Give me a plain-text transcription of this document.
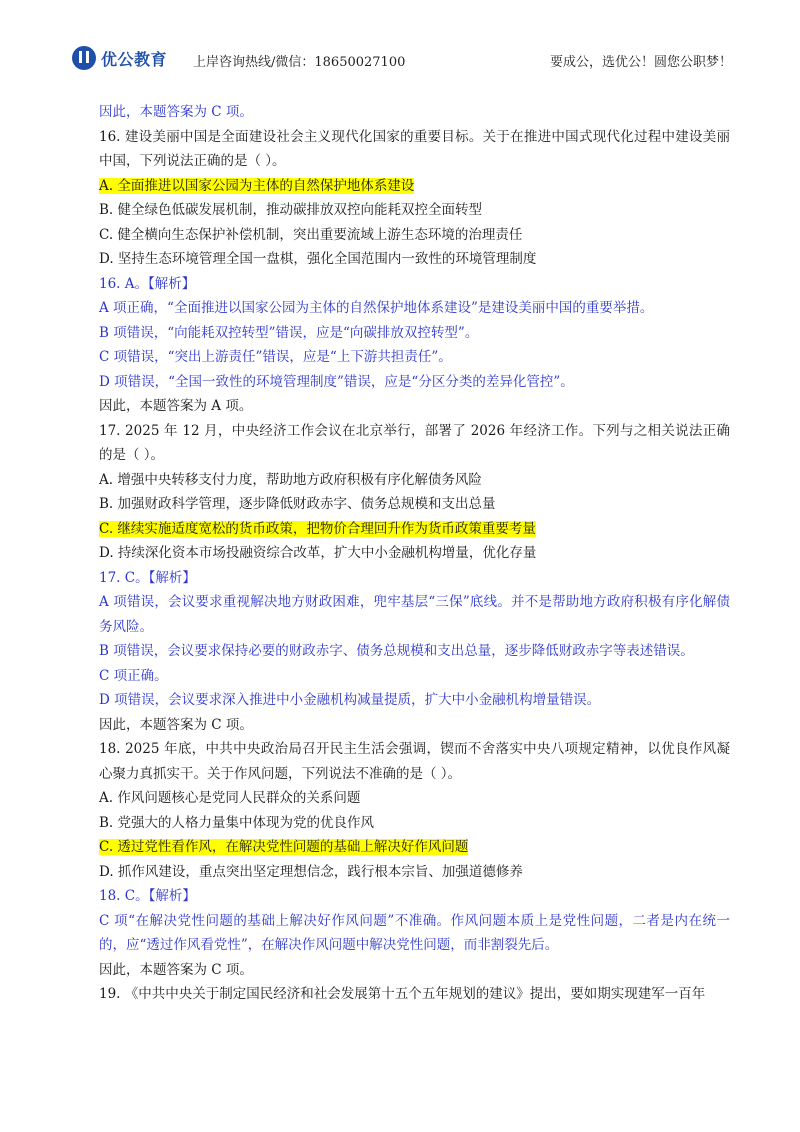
优公教育 上岸咨询热线/微信：18650027100	要成公，选优公！圆您公职梦！
因此，本题答案为 C 项。
16. 建设美丽中国是全面建设社会主义现代化国家的重要目标。关于在推进中国式现代化过程中建设美丽中国，下列说法正确的是（ ）。
A. 全面推进以国家公园为主体的自然保护地体系建设
B. 健全绿色低碳发展机制，推动碳排放双控向能耗双控全面转型
C. 健全横向生态保护补偿机制，突出重要流域上游生态环境的治理责任
D. 坚持生态环境管理全国一盘棋，强化全国范围内一致性的环境管理制度
16. A。【解析】
A 项正确，“全面推进以国家公园为主体的自然保护地体系建设”是建设美丽中国的重要举措。
B 项错误，“向能耗双控转型”错误，应是“向碳排放双控转型”。
C 项错误，“突出上游责任”错误，应是“上下游共担责任”。
D 项错误，“全国一致性的环境管理制度”错误，应是“分区分类的差异化管控”。
因此，本题答案为 A 项。
17. 2025 年 12 月，中央经济工作会议在北京举行，部署了 2026 年经济工作。下列与之相关说法正确的是（ ）。
A. 增强中央转移支付力度，帮助地方政府积极有序化解债务风险
B. 加强财政科学管理，逐步降低财政赤字、债务总规模和支出总量
C. 继续实施适度宽松的货币政策，把物价合理回升作为货币政策重要考量
D. 持续深化资本市场投融资综合改革，扩大中小金融机构增量，优化存量
17. C。【解析】
A 项错误，会议要求重视解决地方财政困难，兜牢基层“三保”底线。并不是帮助地方政府积极有序化解债务风险。
B 项错误，会议要求保持必要的财政赤字、债务总规模和支出总量，逐步降低财政赤字等表述错误。
C 项正确。
D 项错误，会议要求深入推进中小金融机构减量提质，扩大中小金融机构增量错误。
因此，本题答案为 C 项。
18. 2025 年底，中共中央政治局召开民主生活会强调，锲而不舍落实中央八项规定精神，以优良作风凝心聚力真抓实干。关于作风问题，下列说法不准确的是（ ）。
A. 作风问题核心是党同人民群众的关系问题
B. 党强大的人格力量集中体现为党的优良作风
C. 透过党性看作风，在解决党性问题的基础上解决好作风问题
D. 抓作风建设，重点突出坚定理想信念，践行根本宗旨、加强道德修养
18. C。【解析】
C 项“在解决党性问题的基础上解决好作风问题”不准确。作风问题本质上是党性问题，二者是内在统一的，应“透过作风看党性”，在解决作风问题中解决党性问题，而非割裂先后。
因此，本题答案为 C 项。
19. 《中共中央关于制定国民经济和社会发展第十五个五年规划的建议》提出，要如期实现建军一百年
